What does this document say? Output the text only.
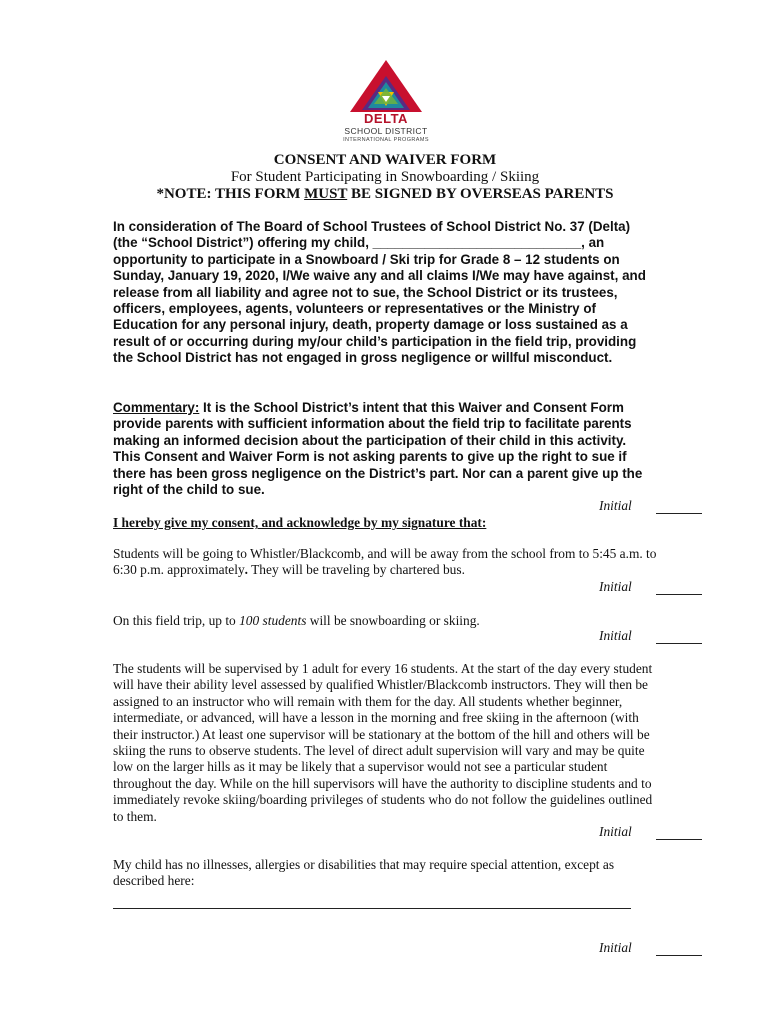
DELTA
SCHOOL DISTRICT
INTERNATIONAL PROGRAMS
CONSENT AND WAIVER FORM
For Student Participating in Snowboarding / Skiing
*NOTE: THIS FORM MUST BE SIGNED BY OVERSEAS PARENTS

In consideration of The Board of School Trustees of School District No. 37 (Delta) (the “School District”) offering my child, ____________________________, an opportunity to participate in a Snowboard / Ski trip for Grade 8 – 12 students on Sunday, January 19, 2020, I/We waive any and all claims I/We may have against, and release from all liability and agree not to sue, the School District or its trustees, officers, employees, agents, volunteers or representatives or the Ministry of Education for any personal injury, death, property damage or loss sustained as a result of or occurring during my/our child’s participation in the field trip, providing the School District has not engaged in gross negligence or willful misconduct.

Commentary: It is the School District’s intent that this Waiver and Consent Form provide parents with sufficient information about the field trip to facilitate parents making an informed decision about the participation of their child in this activity. This Consent and Waiver Form is not asking parents to give up the right to sue if there has been gross negligence on the District’s part. Nor can a parent give up the right of the child to sue.

Initial

I hereby give my consent, and acknowledge by my signature that:

Students will be going to Whistler/Blackcomb, and will be away from the school from to 5:45 a.m. to 6:30 p.m. approximately. They will be traveling by chartered bus.

Initial

On this field trip, up to 100 students will be snowboarding or skiing.

Initial

The students will be supervised by 1 adult for every 16 students. At the start of the day every student will have their ability level assessed by qualified Whistler/Blackcomb instructors. They will then be assigned to an instructor who will remain with them for the day. All students whether beginner, intermediate, or advanced, will have a lesson in the morning and free skiing in the afternoon (with their instructor.) At least one supervisor will be stationary at the bottom of the hill and others will be skiing the runs to observe students. The level of direct adult supervision will vary and may be quite low on the larger hills as it may be likely that a supervisor would not see a particular student throughout the day. While on the hill supervisors will have the authority to discipline students and to immediately revoke skiing/boarding privileges of students who do not follow the guidelines outlined to them.

Initial

My child has no illnesses, allergies or disabilities that may require special attention, except as described here:

Initial
